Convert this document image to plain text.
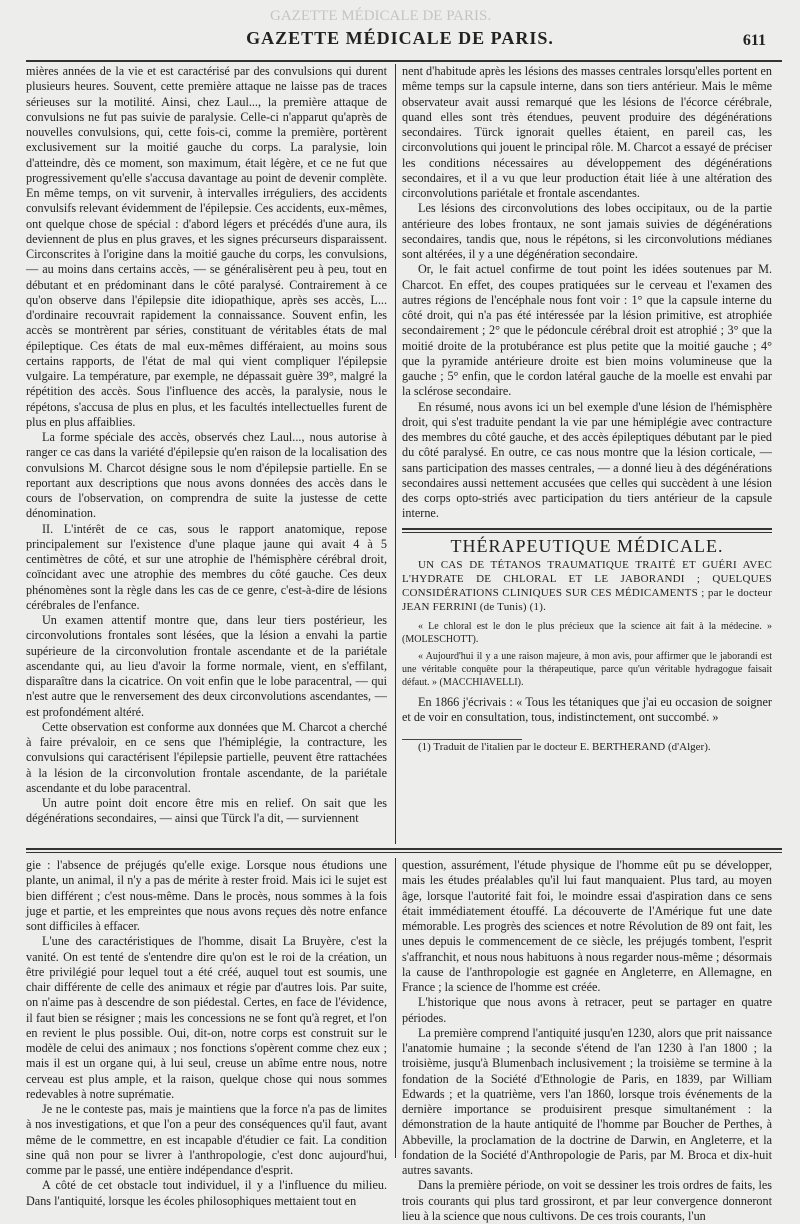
GAZETTE MÉDICALE DE PARIS.
GAZETTE MÉDICALE DE PARIS.	611

mières années de la vie et est caractérisé par des convulsions qui durent plusieurs heures. Souvent, cette première attaque ne laisse pas de traces sérieuses sur la motilité. Ainsi, chez Laul..., la première attaque de convulsions ne fut pas suivie de paralysie. Celle-ci n'apparut qu'après de nouvelles convulsions, qui, cette fois-ci, comme la première, portèrent exclusivement sur la moitié gauche du corps. La paralysie, loin d'atteindre, dès ce moment, son maximum, était légère, et ce ne fut que progressivement qu'elle s'accusa davantage au point de devenir complète. En même temps, on vit survenir, à intervalles irréguliers, des accidents convulsifs relevant évidemment de l'épilepsie. Ces accidents, eux-mêmes, ont quelque chose de spécial : d'abord légers et précédés d'une aura, ils deviennent de plus en plus graves, et les signes précurseurs disparaissent. Circonscrites à l'origine dans la moitié gauche du corps, les convulsions, — au moins dans certains accès, — se généralisèrent peu à peu, tout en débutant et en prédominant dans le côté paralysé. Contrairement à ce qu'on observe dans l'épilepsie dite idiopathique, après ses accès, L... d'ordinaire recouvrait rapidement la connaissance. Souvent enfin, les accès se montrèrent par séries, constituant de véritables états de mal épileptique. Ces états de mal eux-mêmes différaient, au moins sous certains rapports, de l'état de mal qui vient compliquer l'épilepsie vulgaire. La température, par exemple, ne dépassait guère 39°, malgré la répétition des accès. Sous l'influence des accès, la paralysie, nous le répétons, s'accusa de plus en plus, et les facultés intellectuelles furent de plus en plus affaiblies.

La forme spéciale des accès, observés chez Laul..., nous autorise à ranger ce cas dans la variété d'épilepsie qu'en raison de la localisation des convulsions M. Charcot désigne sous le nom d'épilepsie partielle. En se reportant aux descriptions que nous avons données des accès dans le cours de l'observation, on comprendra de suite la justesse de cette dénomination.

II. L'intérêt de ce cas, sous le rapport anatomique, repose principalement sur l'existence d'une plaque jaune qui avait 4 à 5 centimètres de côté, et sur une atrophie de l'hémisphère cérébral droit, coïncidant avec une atrophie des membres du côté gauche. Ces deux phénomènes sont la règle dans les cas de ce genre, c'est-à-dire de lésions cérébrales de l'enfance.

Un examen attentif montre que, dans leur tiers postérieur, les circonvolutions frontales sont lésées, que la lésion a envahi la partie supérieure de la circonvolution frontale ascendante et de la pariétale ascendante qui, au lieu d'avoir la forme normale, vient, en s'effilant, disparaître dans la cicatrice. On voit enfin que le lobe paracentral, — qui n'est autre que le renversement des deux circonvolutions ascendantes, — est profondément altéré.

Cette observation est conforme aux données que M. Charcot a cherché à faire prévaloir, en ce sens que l'hémiplégie, la contracture, les convulsions qui caractérisent l'épilepsie partielle, peuvent être rattachées à la lésion de la circonvolution frontale ascendante, de la pariétale ascendante et du lobe paracentral.

Un autre point doit encore être mis en relief. On sait que les dégénérations secondaires, — ainsi que Türck l'a dit, — surviennent

nent d'habitude après les lésions des masses centrales lorsqu'elles portent en même temps sur la capsule interne, dans son tiers antérieur. Mais le même observateur avait aussi remarqué que les lésions de l'écorce cérébrale, quand elles sont très étendues, peuvent produire des dégénérations secondaires. Türck ignorait quelles étaient, en pareil cas, les circonvolutions qui jouent le principal rôle. M. Charcot a essayé de préciser les conditions nécessaires au développement des dégénérations secondaires, et il a vu que leur production était liée à une altération des circonvolutions pariétale et frontale ascendantes.

Les lésions des circonvolutions des lobes occipitaux, ou de la partie antérieure des lobes frontaux, ne sont jamais suivies de dégénérations secondaires, tandis que, nous le répétons, si les circonvolutions médianes sont altérées, il y a une dégénération secondaire.

Or, le fait actuel confirme de tout point les idées soutenues par M. Charcot. En effet, des coupes pratiquées sur le cerveau et l'examen des autres régions de l'encéphale nous font voir : 1° que la capsule interne du côté droit, qui n'a pas été intéressée par la lésion primitive, est atrophiée secondairement ; 2° que le pédoncule cérébral droit est atrophié ; 3° que la moitié droite de la protubérance est plus petite que la moitié gauche ; 4° que la pyramide antérieure droite est bien moins volumineuse que la gauche ; 5° enfin, que le cordon latéral gauche de la moelle est envahi par la sclérose secondaire.

En résumé, nous avons ici un bel exemple d'une lésion de l'hémisphère droit, qui s'est traduite pendant la vie par une hémiplégie avec contracture des membres du côté gauche, et des accès épileptiques débutant par le pied du côté paralysé. En outre, ce cas nous montre que la lésion corticale, — sans participation des masses centrales, — a donné lieu à des dégénérations secondaires aussi nettement accusées que celles qui succèdent à une lésion des corps opto-striés avec participation du tiers antérieur de la capsule interne.

THÉRAPEUTIQUE MÉDICALE.

UN CAS DE TÉTANOS TRAUMATIQUE TRAITÉ ET GUÉRI AVEC L'HYDRATE DE CHLORAL ET LE JABORANDI ; QUELQUES CONSIDÉRATIONS CLINIQUES SUR CES MÉDICAMENTS ; par le docteur JEAN FERRINI (de Tunis) (1).

« Le chloral est le don le plus précieux que la science ait fait à la médecine. » (MOLESCHOTT).

« Aujourd'hui il y a une raison majeure, à mon avis, pour affirmer que le jaborandi est une véritable conquête pour la thérapeutique, parce qu'un véritable hydragogue faisait défaut. » (MACCHIAVELLI).

En 1866 j'écrivais : « Tous les tétaniques que j'ai eu occasion de soigner et de voir en consultation, tous, indistinctement, ont succombé. »

(1) Traduit de l'italien par le docteur E. BERTHERAND (d'Alger).

gie : l'absence de préjugés qu'elle exige. Lorsque nous étudions une plante, un animal, il n'y a pas de mérite à rester froid. Mais ici le sujet est bien différent ; c'est nous-même. Dans le procès, nous sommes à la fois juge et partie, et les empreintes que nous avons reçues dès notre enfance sont difficiles à effacer.

L'une des caractéristiques de l'homme, disait La Bruyère, c'est la vanité. On est tenté de s'entendre dire qu'on est le roi de la création, un être privilégié pour lequel tout a été créé, auquel tout est soumis, une chair différente de celle des animaux et régie par d'autres lois. Par suite, on n'aime pas à descendre de son piédestal. Certes, en face de l'évidence, il faut bien se résigner ; mais les concessions ne se font qu'à regret, et l'on en revient le plus possible. Oui, dit-on, notre corps est construit sur le modèle de celui des animaux ; nos fonctions s'opèrent comme chez eux ; mais il est un organe qui, à lui seul, creuse un abîme entre nous, notre cerveau est plus ample, et la raison, quelque chose qui nous sommes redevables à notre suprématie.

Je ne le conteste pas, mais je maintiens que la force n'a pas de limites à nos investigations, et que l'on a peur des conséquences qu'il faut, avant même de le commettre, en est incapable d'étudier ce fait. La condition sine quâ non pour se livrer à l'anthropologie, c'est donc aujourd'hui, comme par le passé, une entière indépendance d'esprit.

A côté de cet obstacle tout individuel, il y a l'influence du milieu. Dans l'antiquité, lorsque les écoles philosophiques mettaient tout en

question, assurément, l'étude physique de l'homme eût pu se développer, mais les études préalables qu'il lui faut manquaient. Plus tard, au moyen âge, lorsque l'autorité fait foi, le moindre essai d'aspiration dans ce sens était immédiatement étouffé. La découverte de l'Amérique fut une date mémorable. Les progrès des sciences et notre Révolution de 89 ont fait, les unes depuis le commencement de ce siècle, les préjugés tombent, l'esprit s'affranchit, et nous nous habituons à nous regarder nous-même ; désormais la cause de l'anthropologie est gagnée en Angleterre, en Allemagne, en France ; la science de l'homme est créée.

L'historique que nous avons à retracer, peut se partager en quatre périodes.

La première comprend l'antiquité jusqu'en 1230, alors que prit naissance l'anatomie humaine ; la seconde s'étend de l'an 1230 à l'an 1800 ; la troisième, jusqu'à Blumenbach inclusivement ; la troisième se termine à la fondation de la Société d'Ethnologie de Paris, en 1839, par William Edwards ; et la quatrième, vers l'an 1860, lorsque trois événements de la dernière importance se produisirent presque simultanément : la démonstration de la haute antiquité de l'homme par Boucher de Perthes, à Abbeville, la proclamation de la doctrine de Darwin, en Angleterre, et la fondation de la Société d'Anthropologie de Paris, par M. Broca et dix-huit autres savants.

Dans la première période, on voit se dessiner les trois ordres de faits, les trois courants qui plus tard grossiront, et par leur convergence donneront lieu à la science que nous cultivons. De ces trois courants, l'un
